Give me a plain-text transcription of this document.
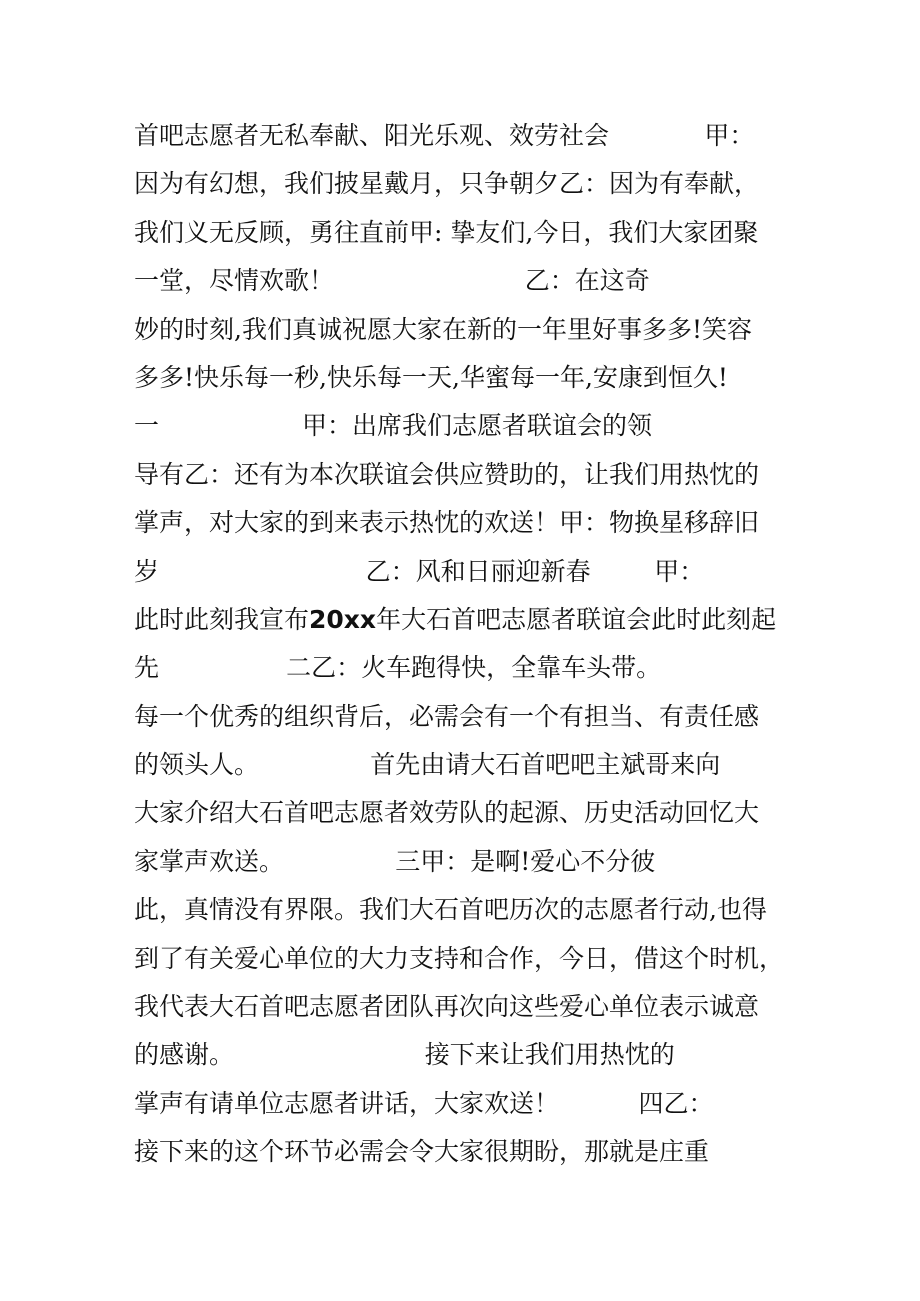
首吧志愿者无私奉献、阳光乐观、效劳社会            甲：
因为有幻想，我们披星戴月，只争朝夕乙：因为有奉献，
我们义无反顾，勇往直前甲: 挚友们,今日，我们大家团聚
一堂，尽情欢歌！                        乙：在这奇
妙的时刻,我们真诚祝愿大家在新的一年里好事多多!笑容
多多!快乐每一秒,快乐每一天,华蜜每一年,安康到恒久!
一                  甲：出席我们志愿者联谊会的领
导有乙：还有为本次联谊会供应赞助的，让我们用热忱的
掌声，对大家的到来表示热忱的欢送！甲：物换星移辞旧
岁                          乙：风和日丽迎新春        甲：
此时此刻我宣布20xx年大石首吧志愿者联谊会此时此刻起
先                二乙：火车跑得快，全靠车头带。
每一个优秀的组织背后，必需会有一个有担当、有责任感
的领头人。              首先由请大石首吧吧主斌哥来向
大家介绍大石首吧志愿者效劳队的起源、历史活动回忆大
家掌声欢送。              三甲：是啊!爱心不分彼
此，真情没有界限。我们大石首吧历次的志愿者行动,也得
到了有关爱心单位的大力支持和合作，今日，借这个时机，
我代表大石首吧志愿者团队再次向这些爱心单位表示诚意
的感谢。                        接下来让我们用热忱的
掌声有请单位志愿者讲话，大家欢送！          四乙：
接下来的这个环节必需会令大家很期盼，那就是庄重
